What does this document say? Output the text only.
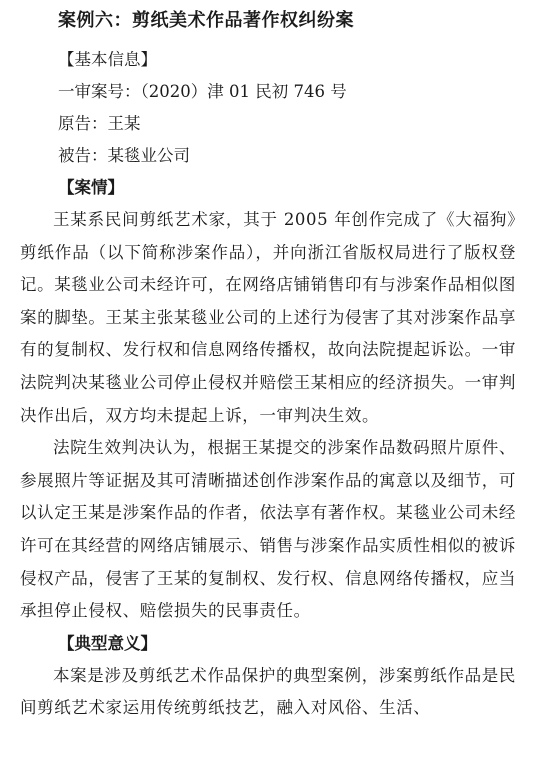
案例六：剪纸美术作品著作权纠纷案
【基本信息】
一审案号：（2020）津 01 民初 746 号
原告：王某
被告：某毯业公司
【案情】

王某系民间剪纸艺术家，其于 2005 年创作完成了《大福狗》剪纸作品（以下简称涉案作品），并向浙江省版权局进行了版权登记。某毯业公司未经许可，在网络店铺销售印有与涉案作品相似图案的脚垫。王某主张某毯业公司的上述行为侵害了其对涉案作品享有的复制权、发行权和信息网络传播权，故向法院提起诉讼。一审法院判决某毯业公司停止侵权并赔偿王某相应的经济损失。一审判决作出后，双方均未提起上诉，一审判决生效。

法院生效判决认为，根据王某提交的涉案作品数码照片原件、参展照片等证据及其可清晰描述创作涉案作品的寓意以及细节，可以认定王某是涉案作品的作者，依法享有著作权。某毯业公司未经许可在其经营的网络店铺展示、销售与涉案作品实质性相似的被诉侵权产品，侵害了王某的复制权、发行权、信息网络传播权，应当承担停止侵权、赔偿损失的民事责任。

【典型意义】

本案是涉及剪纸艺术作品保护的典型案例，涉案剪纸作品是民间剪纸艺术家运用传统剪纸技艺，融入对风俗、生活、
